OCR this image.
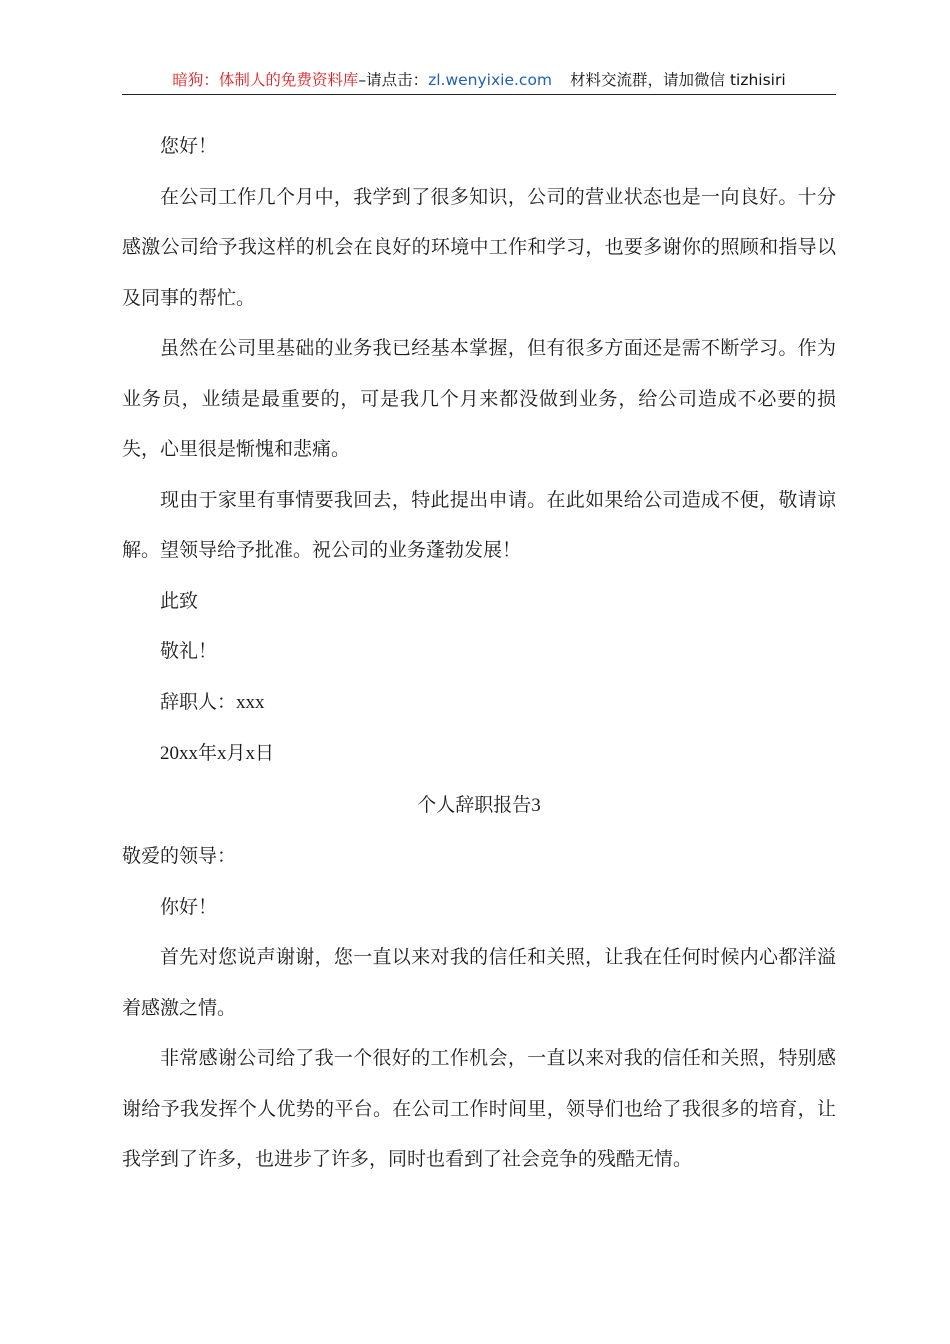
暗狗：体制人的免费资料库–请点击：zl.wenyixie.com 材料交流群，请加微信 tizhisiri

您好！

在公司工作几个月中，我学到了很多知识，公司的营业状态也是一向良好。十分感激公司给予我这样的机会在良好的环境中工作和学习，也要多谢你的照顾和指导以及同事的帮忙。

虽然在公司里基础的业务我已经基本掌握，但有很多方面还是需不断学习。作为业务员，业绩是最重要的，可是我几个月来都没做到业务，给公司造成不必要的损失，心里很是惭愧和悲痛。

现由于家里有事情要我回去，特此提出申请。在此如果给公司造成不便，敬请谅解。望领导给予批准。祝公司的业务蓬勃发展！

此致

敬礼！

辞职人：xxx

20xx年x月x日

个人辞职报告3

敬爱的领导：

你好！

首先对您说声谢谢，您一直以来对我的信任和关照，让我在任何时候内心都洋溢着感激之情。

非常感谢公司给了我一个很好的工作机会，一直以来对我的信任和关照，特别感谢给予我发挥个人优势的平台。在公司工作时间里，领导们也给了我很多的培育，让我学到了许多，也进步了许多，同时也看到了社会竞争的残酷无情。
